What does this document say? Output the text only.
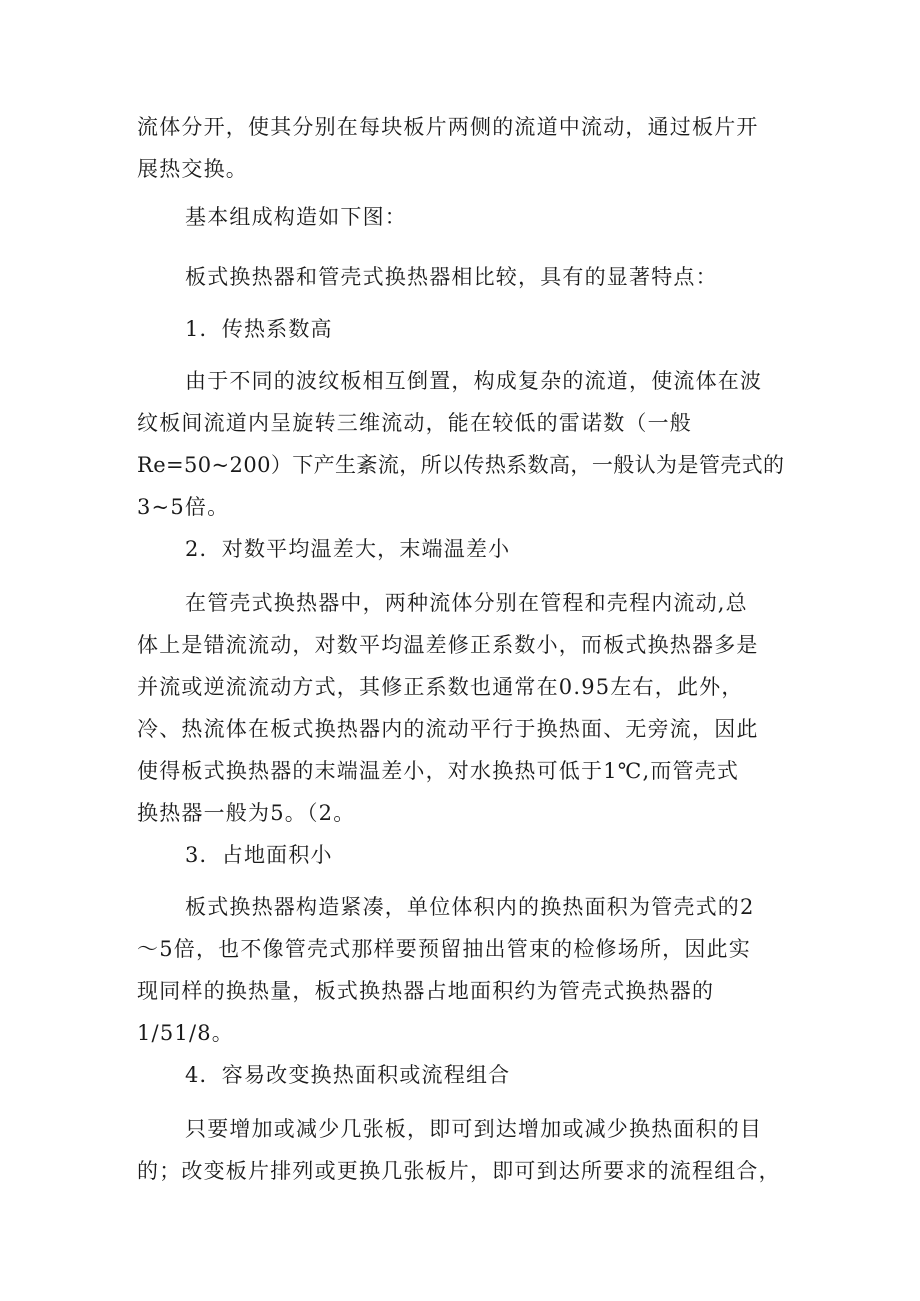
流体分开，使其分别在每块板片两侧的流道中流动，通过板片开
展热交换。
基本组成构造如下图：
板式换热器和管壳式换热器相比较，具有的显著特点：
1．传热系数高
由于不同的波纹板相互倒置，构成复杂的流道，使流体在波
纹板间流道内呈旋转三维流动，能在较低的雷诺数（一般
Re=50~200）下产生紊流，所以传热系数高，一般认为是管壳式的
3~5倍。
2．对数平均温差大，末端温差小
在管壳式换热器中，两种流体分别在管程和壳程内流动,总
体上是错流流动，对数平均温差修正系数小，而板式换热器多是
并流或逆流流动方式，其修正系数也通常在0.95左右，此外，
冷、热流体在板式换热器内的流动平行于换热面、无旁流，因此
使得板式换热器的末端温差小，对水换热可低于1℃,而管壳式
换热器一般为5。（2。
3．占地面积小
板式换热器构造紧凑，单位体积内的换热面积为管壳式的2
～5倍，也不像管壳式那样要预留抽出管束的检修场所，因此实
现同样的换热量，板式换热器占地面积约为管壳式换热器的
1/51/8。
4．容易改变换热面积或流程组合
只要增加或减少几张板，即可到达增加或减少换热面积的目
的；改变板片排列或更换几张板片，即可到达所要求的流程组合，
